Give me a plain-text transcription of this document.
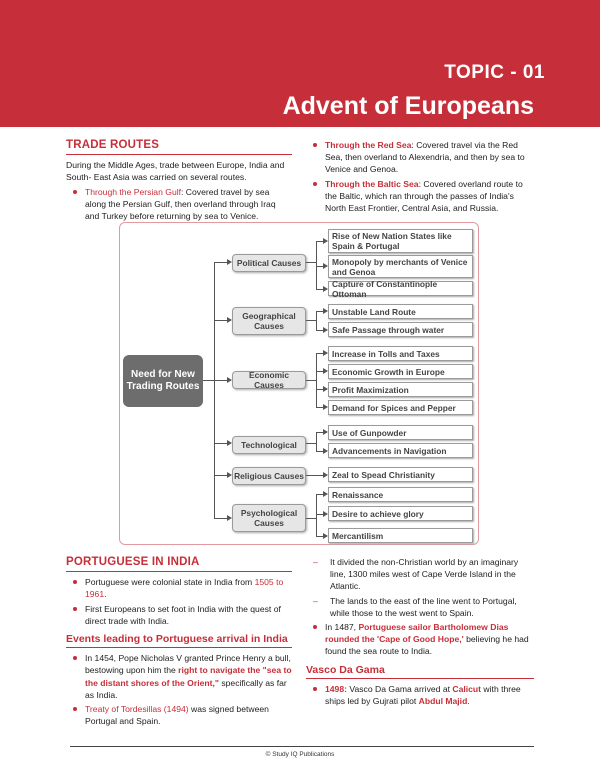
TOPIC - 01
Advent of Europeans
TRADE ROUTES
During the Middle Ages, trade between Europe, India and South- East Asia was carried on several routes.
Through the Persian Gulf: Covered travel by sea along the Persian Gulf, then overland through Iraq and Turkey before returning by sea to Venice.
Through the Red Sea: Covered travel via the Red Sea, then overland to Alexendria, and then by sea to Venice and Genoa.
Through the Baltic Sea: Covered overland route to the Baltic, which ran through the passes of India's North East Frontier, Central Asia, and Russia.
Need for New Trading Routes
Political Causes
Geographical Causes
Economic Causes
Technological
Religious Causes
Psychological Causes
Rise of New Nation States like Spain & Portugal
Monopoly by merchants of Venice and Genoa
Capture of Constantinople Ottoman
Unstable Land Route
Safe Passage through water
Increase in Tolls and Taxes
Economic Growth in Europe
Profit Maximization
Demand for Spices and Pepper
Use of Gunpowder
Advancements in Navigation
Zeal to Spead Christianity
Renaissance
Desire to achieve glory
Mercantilism
PORTUGUESE IN INDIA
Portuguese were colonial state in India from 1505 to 1961.
First Europeans to set foot in India with the quest of direct trade with India.
Events leading to Portuguese arrival in India
In 1454, Pope Nicholas V granted Prince Henry a bull, bestowing upon him the right to navigate the "sea to the distant shores of the Orient," specifically as far as India.
Treaty of Tordesillas (1494) was signed between Portugal and Spain.
– It divided the non-Christian world by an imaginary line, 1300 miles west of Cape Verde Island in the Atlantic.
– The lands to the east of the line went to Portugal, while those to the west went to Spain.
In 1487, Portuguese sailor Bartholomew Dias rounded the 'Cape of Good Hope,' believing he had found the sea route to India.
Vasco Da Gama
1498: Vasco Da Gama arrived at Calicut with three ships led by Gujrati pilot Abdul Majid.
© Study IQ Publications
